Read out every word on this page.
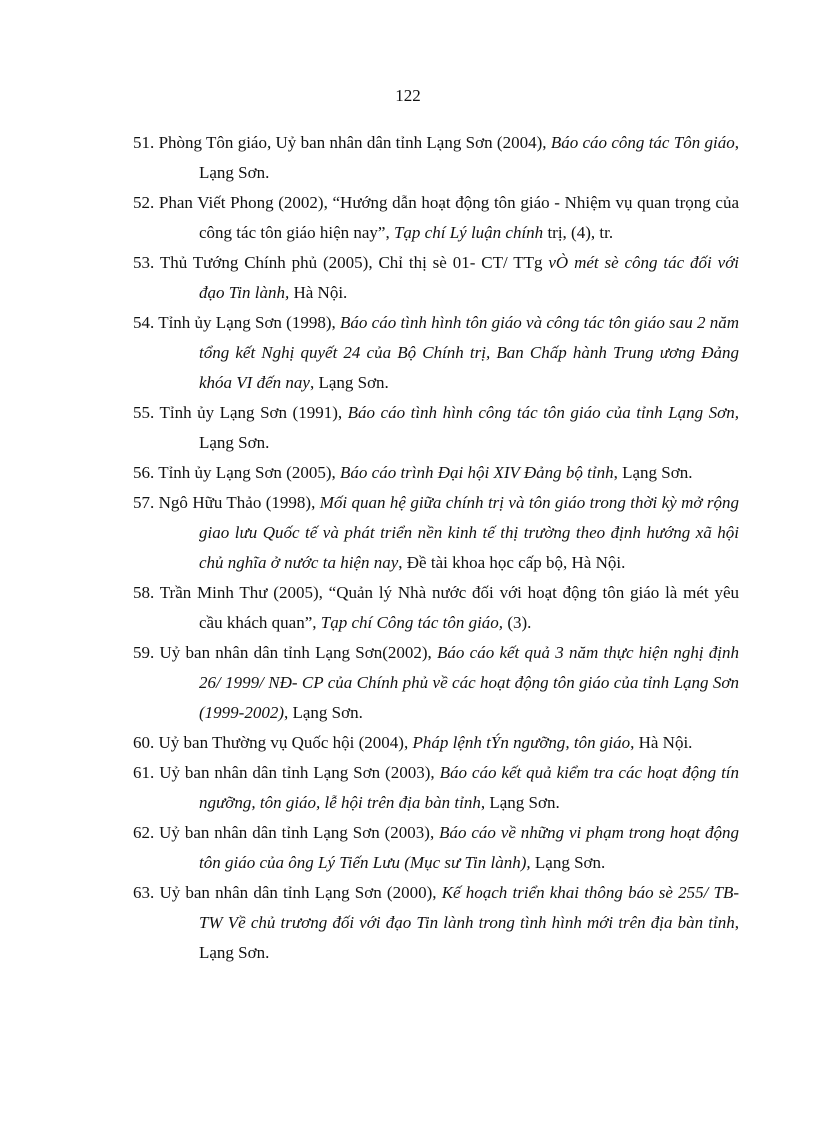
122
51. Phòng Tôn giáo, Uỷ ban nhân dân tỉnh Lạng Sơn (2004), Báo cáo công tác Tôn giáo, Lạng Sơn.
52. Phan Viết Phong (2002), “Hướng dẫn hoạt động tôn giáo - Nhiệm vụ quan trọng của công tác tôn giáo hiện nay”, Tạp chí Lý luận chính trị, (4), tr.
53. Thủ Tướng Chính phủ (2005), Chỉ thị sè 01- CT/ TTg vÒ mét sè công tác đối với đạo Tin lành, Hà Nội.
54. Tỉnh ủy Lạng Sơn (1998), Báo cáo tình hình tôn giáo và công tác tôn giáo sau 2 năm tổng kết Nghị quyết 24 của Bộ Chính trị, Ban Chấp hành Trung ương Đảng khóa VI đến nay, Lạng Sơn.
55. Tỉnh ủy Lạng Sơn (1991), Báo cáo tình hình công tác tôn giáo của tỉnh Lạng Sơn, Lạng Sơn.
56. Tỉnh ủy Lạng Sơn (2005), Báo cáo trình Đại hội XIV Đảng bộ tỉnh, Lạng Sơn.
57. Ngô Hữu Thảo (1998), Mối quan hệ giữa chính trị và tôn giáo trong thời kỳ mở rộng giao lưu Quốc tế và phát triển nền kinh tế thị trường theo định hướng xã hội chủ nghĩa ở nước ta hiện nay, Đề tài khoa học cấp bộ, Hà Nội.
58. Trần Minh Thư (2005), “Quản lý Nhà nước đối với hoạt động tôn giáo là mét yêu cầu khách quan”, Tạp chí Công tác tôn giáo, (3).
59. Uỷ ban nhân dân tỉnh Lạng Sơn(2002), Báo cáo kết quả 3 năm thực hiện nghị định 26/ 1999/ NĐ- CP của Chính phủ về các hoạt động tôn giáo của tỉnh Lạng Sơn (1999-2002), Lạng Sơn.
60. Uỷ ban Thường vụ Quốc hội (2004), Pháp lệnh tÝn ngưỡng, tôn giáo, Hà Nội.
61. Uỷ ban nhân dân tỉnh Lạng Sơn (2003), Báo cáo kết quả kiểm tra các hoạt động tín ngưỡng, tôn giáo, lễ hội trên địa bàn tỉnh, Lạng Sơn.
62. Uỷ ban nhân dân tỉnh Lạng Sơn (2003), Báo cáo về những vi phạm trong hoạt động tôn giáo của ông Lý Tiến Lưu (Mục sư Tin lành), Lạng Sơn.
63. Uỷ ban nhân dân tỉnh Lạng Sơn (2000), Kế hoạch triển khai thông báo sè 255/ TB- TW Về chủ trương đối với đạo Tin lành trong tình hình mới trên địa bàn tỉnh, Lạng Sơn.
